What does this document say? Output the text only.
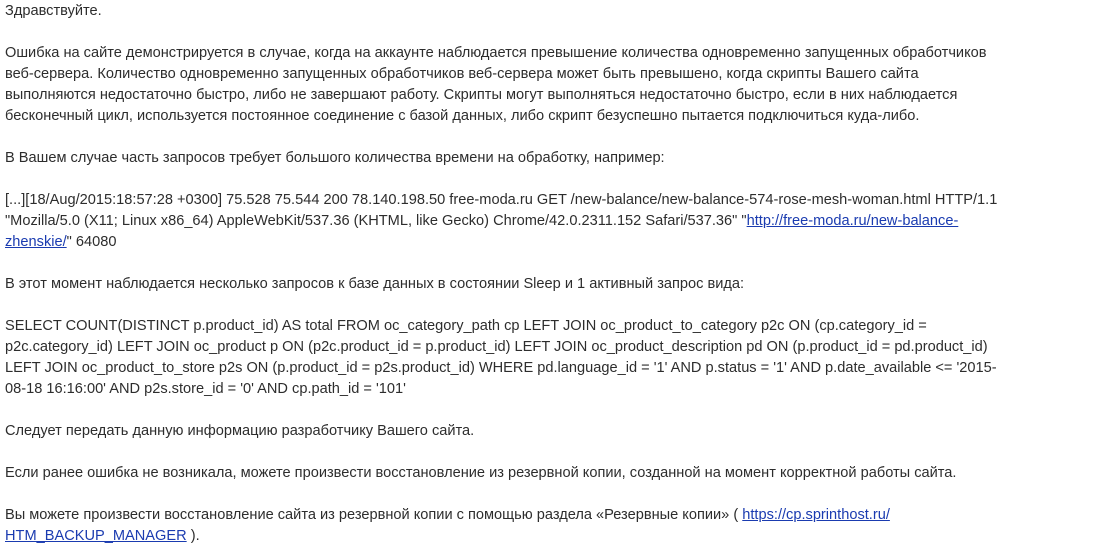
Здравствуйте.
Ошибка на сайте демонстрируется в случае, когда на аккаунте наблюдается превышение количества одновременно запущенных обработчиков
веб-сервера. Количество одновременно запущенных обработчиков веб-сервера может быть превышено, когда скрипты Вашего сайта
выполняются недостаточно быстро, либо не завершают работу. Скрипты могут выполняться недостаточно быстро, если в них наблюдается
бесконечный цикл, используется постоянное соединение с базой данных, либо скрипт безуспешно пытается подключиться куда-либо.
В Вашем случае часть запросов требует большого количества времени на обработку, например:
[...][18/Aug/2015:18:57:28 +0300] 75.528 75.544 200 78.140.198.50 free-moda.ru GET /new-balance/new-balance-574-rose-mesh-woman.html HTTP/1.1
"Mozilla/5.0 (X11; Linux x86_64) AppleWebKit/537.36 (KHTML, like Gecko) Chrome/42.0.2311.152 Safari/537.36" "http://free-moda.ru/new-balance-
zhenskie/" 64080
В этот момент наблюдается несколько запросов к базе данных в состоянии Sleep и 1 активный запрос вида:
SELECT COUNT(DISTINCT p.product_id) AS total FROM oc_category_path cp LEFT JOIN oc_product_to_category p2c ON (cp.category_id =
p2c.category_id) LEFT JOIN oc_product p ON (p2c.product_id = p.product_id) LEFT JOIN oc_product_description pd ON (p.product_id = pd.product_id)
LEFT JOIN oc_product_to_store p2s ON (p.product_id = p2s.product_id) WHERE pd.language_id = '1' AND p.status = '1' AND p.date_available <= '2015-
08-18 16:16:00' AND p2s.store_id = '0' AND cp.path_id = '101'
Следует передать данную информацию разработчику Вашего сайта.
Если ранее ошибка не возникала, можете произвести восстановление из резервной копии, созданной на момент корректной работы сайта.
Вы можете произвести восстановление сайта из резервной копии с помощью раздела «Резервные копии» ( https://cp.sprinthost.ru/
HTM_BACKUP_MANAGER ).
